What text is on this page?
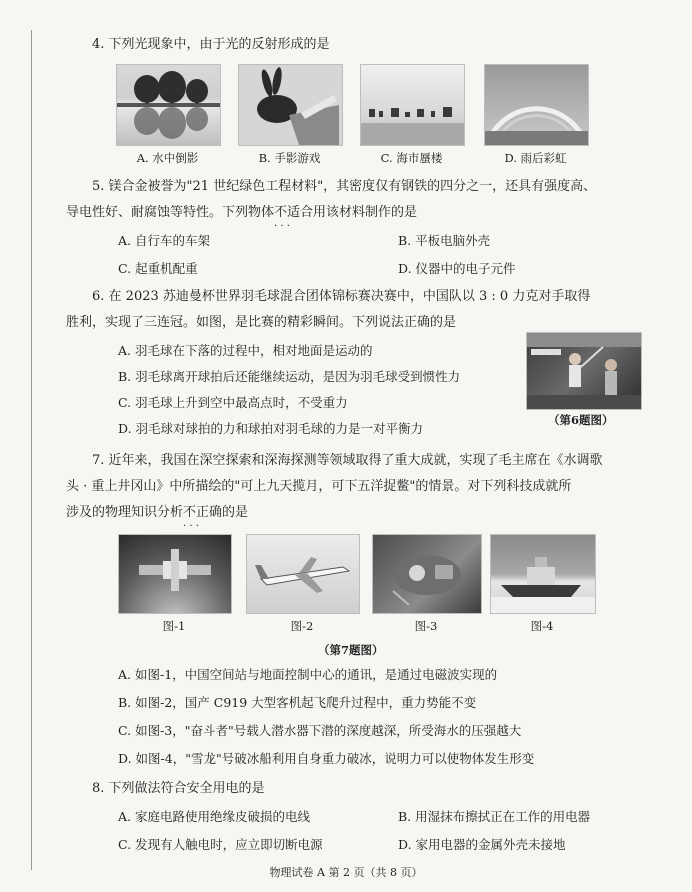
4. 下列光现象中，由于光的反射形成的是
A. 水中倒影	B. 手影游戏	C. 海市蜃楼	D. 雨后彩虹
5. 镁合金被誉为"21 世纪绿色工程材料"，其密度仅有钢铁的四分之一，还具有强度高、
导电性好、耐腐蚀等特性。下列物体不适合 · · · 用该材料制作的是
A. 自行车的车架	B. 平板电脑外壳
C. 起重机配重	D. 仪器中的电子元件
6. 在 2023 苏迪曼杯世界羽毛球混合团体锦标赛决赛中，中国队以 3 : 0 力克对手取得
胜利，实现了三连冠。如图，是比赛的精彩瞬间。下列说法正确的是
A. 羽毛球在下落的过程中，相对地面是运动的
B. 羽毛球离开球拍后还能继续运动，是因为羽毛球受到惯性力
C. 羽毛球上升到空中最高点时，不受重力
D. 羽毛球对球拍的力和球拍对羽毛球的力是一对平衡力
（第6题图）
7. 近年来，我国在深空探索和深海探测等领域取得了重大成就，实现了毛主席在《水调歌
头 · 重上井冈山》中所描绘的"可上九天揽月，可下五洋捉鳖"的情景。对下列科技成就所
涉及的物理知识分析不正确 · · · 的是
图-1	图-2	图-3	图-4
（第7题图）
A. 如图-1，中国空间站与地面控制中心的通讯，是通过电磁波实现的
B. 如图-2，国产 C919 大型客机起飞爬升过程中，重力势能不变
C. 如图-3，"奋斗者"号载人潜水器下潜的深度越深，所受海水的压强越大
D. 如图-4，"雪龙"号破冰船利用自身重力破冰，说明力可以使物体发生形变
8. 下列做法符合安全用电的是
A. 家庭电路使用绝缘皮破损的电线	B. 用湿抹布擦拭正在工作的用电器
C. 发现有人触电时，应立即切断电源	D. 家用电器的金属外壳未接地
物理试卷 A 第 2 页（共 8 页）
